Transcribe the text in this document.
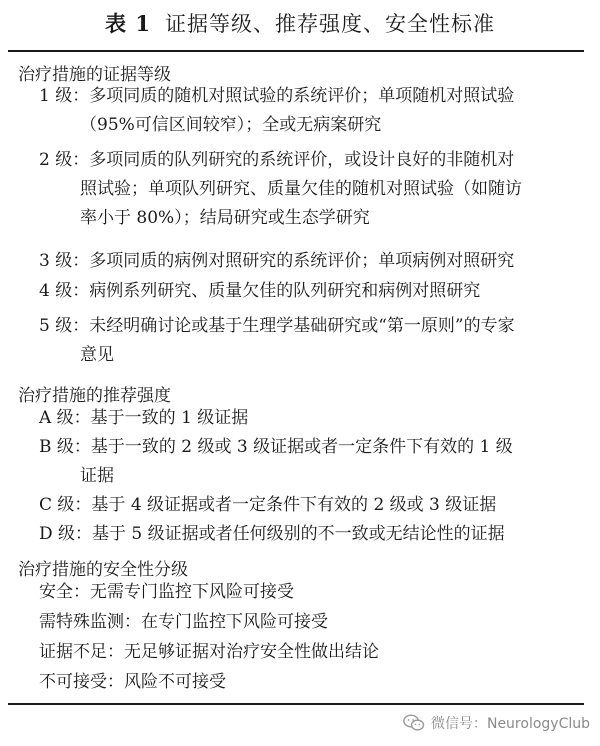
表 1 证据等级、推荐强度、安全性标准
治疗措施的证据等级
1 级：多项同质的随机对照试验的系统评价；单项随机对照试验
（95%可信区间较窄）；全或无病案研究
2 级：多项同质的队列研究的系统评价，或设计良好的非随机对
照试验；单项队列研究、质量欠佳的随机对照试验（如随访
率小于 80%）；结局研究或生态学研究
3 级：多项同质的病例对照研究的系统评价；单项病例对照研究
4 级：病例系列研究、质量欠佳的队列研究和病例对照研究
5 级：未经明确讨论或基于生理学基础研究或“第一原则”的专家
意见
治疗措施的推荐强度
A 级：基于一致的 1 级证据
B 级：基于一致的 2 级或 3 级证据或者一定条件下有效的 1 级
证据
C 级：基于 4 级证据或者一定条件下有效的 2 级或 3 级证据
D 级：基于 5 级证据或者任何级别的不一致或无结论性的证据
治疗措施的安全性分级
安全：无需专门监控下风险可接受
需特殊监测：在专门监控下风险可接受
证据不足：无足够证据对治疗安全性做出结论
不可接受：风险不可接受
微信号：NeurologyClub
